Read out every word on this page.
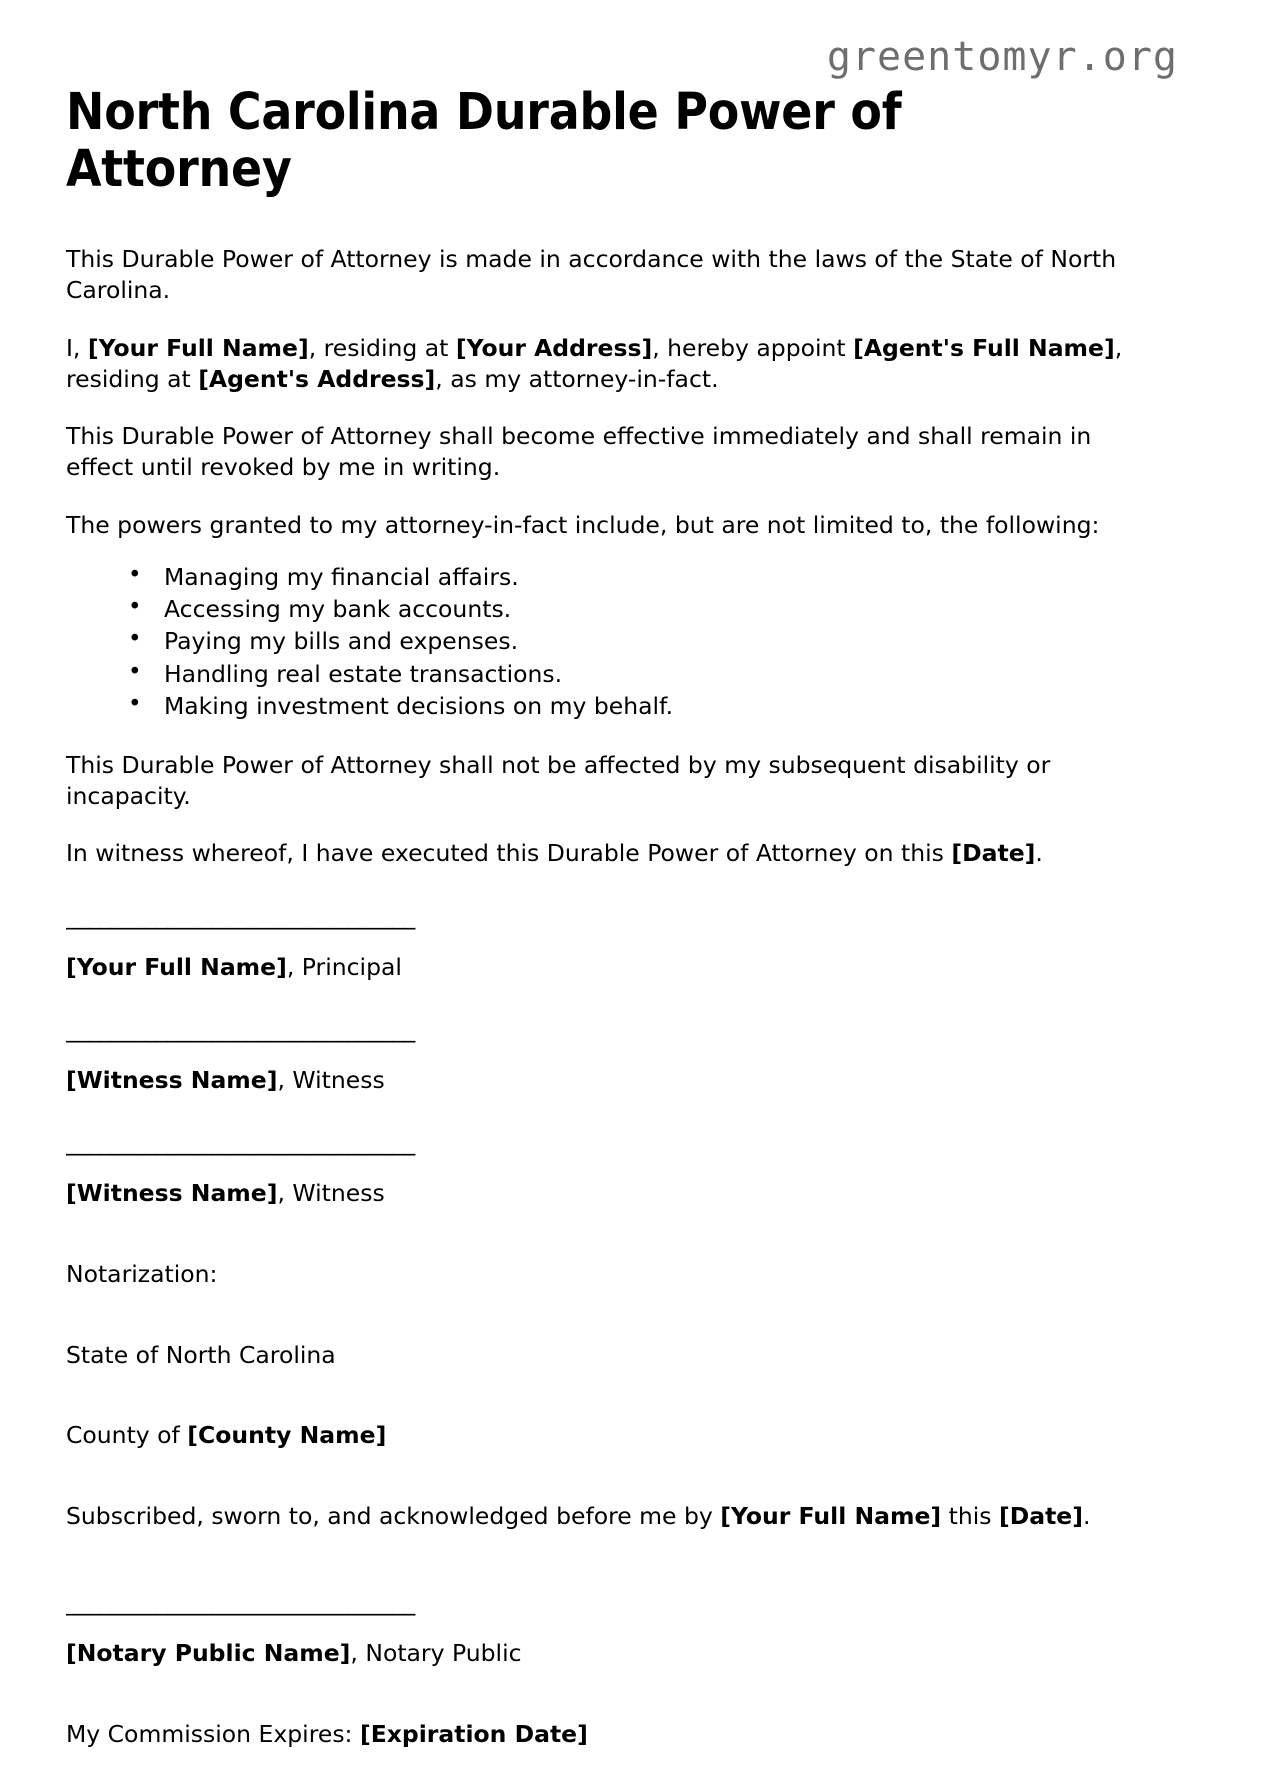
greentomyr.org
North Carolina Durable Power of Attorney

This Durable Power of Attorney is made in accordance with the laws of the State of North Carolina.

I, [Your Full Name], residing at [Your Address], hereby appoint [Agent's Full Name], residing at [Agent's Address], as my attorney-in-fact.

This Durable Power of Attorney shall become effective immediately and shall remain in effect until revoked by me in writing.

The powers granted to my attorney-in-fact include, but are not limited to, the following:

• Managing my financial affairs.
• Accessing my bank accounts.
• Paying my bills and expenses.
• Handling real estate transactions.
• Making investment decisions on my behalf.

This Durable Power of Attorney shall not be affected by my subsequent disability or incapacity.

In witness whereof, I have executed this Durable Power of Attorney on this [Date].

_______________________________
[Your Full Name], Principal
_______________________________
[Witness Name], Witness
_______________________________
[Witness Name], Witness

Notarization:

State of North Carolina

County of [County Name]

Subscribed, sworn to, and acknowledged before me by [Your Full Name] this [Date].

_______________________________
[Notary Public Name], Notary Public

My Commission Expires: [Expiration Date]
